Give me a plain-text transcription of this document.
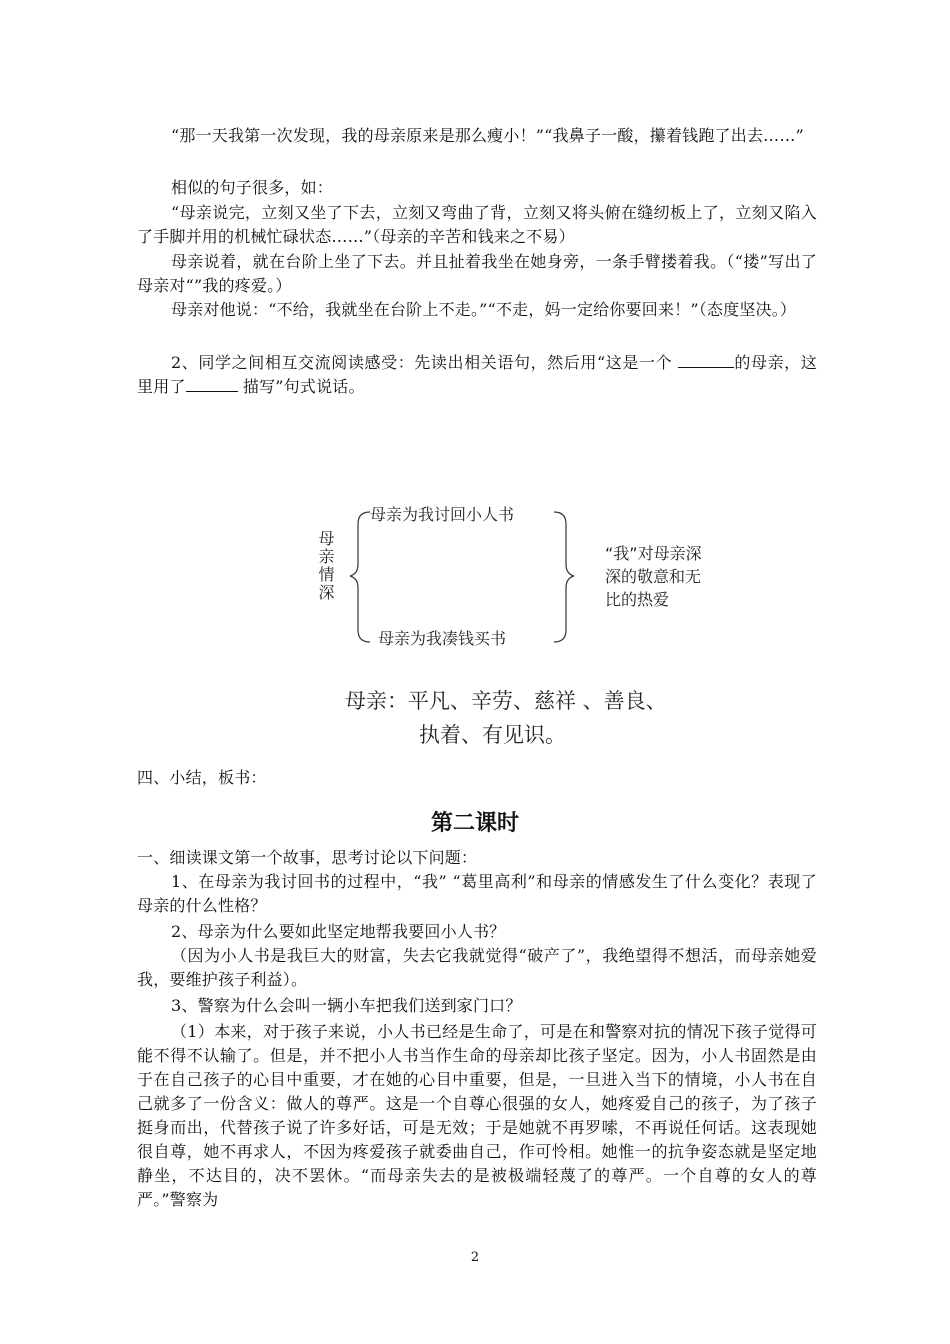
“那一天我第一次发现，我的母亲原来是那么瘦小！”“我鼻子一酸，攥着钱跑了出去……”

相似的句子很多，如：

“母亲说完，立刻又坐了下去，立刻又弯曲了背，立刻又将头俯在缝纫板上了，立刻又陷入了手脚并用的机械忙碌状态……”（母亲的辛苦和钱来之不易）

母亲说着，就在台阶上坐了下去。并且扯着我坐在她身旁，一条手臂搂着我。（“搂”写出了母亲对“”我的疼爱。）

母亲对他说：“不给，我就坐在台阶上不走。”“不走，妈一定给你要回来！”（态度坚决。）

2、同学之间相互交流阅读感受：先读出相关语句，然后用“这是一个	的母亲，这里用了	描写”句式说话。

母亲情深
母亲为我讨回小人书
母亲为我凑钱买书
“我”对母亲深
深的敬意和无
比的热爱

母亲：平凡、辛劳、慈祥 、善良、
执着、有见识。

四、小结，板书：

第二课时

一、细读课文第一个故事，思考讨论以下问题：

1、在母亲为我讨回书的过程中，“我” “葛里高利”和母亲的情感发生了什么变化？表现了母亲的什么性格？

2、母亲为什么要如此坚定地帮我要回小人书？

（因为小人书是我巨大的财富，失去它我就觉得“破产了”，我绝望得不想活，而母亲她爱我，要维护孩子利益）。

3、警察为什么会叫一辆小车把我们送到家门口？

（1）本来，对于孩子来说，小人书已经是生命了，可是在和警察对抗的情况下孩子觉得可能不得不认输了。但是，并不把小人书当作生命的母亲却比孩子坚定。因为，小人书固然是由于在自己孩子的心目中重要，才在她的心目中重要，但是，一旦进入当下的情境，小人书在自己就多了一份含义：做人的尊严。这是一个自尊心很强的女人，她疼爱自己的孩子，为了孩子挺身而出，代替孩子说了许多好话，可是无效；于是她就不再罗嗦，不再说任何话。这表现她很自尊，她不再求人，不因为疼爱孩子就委曲自己，作可怜相。她惟一的抗争姿态就是坚定地静坐，不达目的，决不罢休。“而母亲失去的是被极端轻蔑了的尊严。一个自尊的女人的尊严。”警察为

2
